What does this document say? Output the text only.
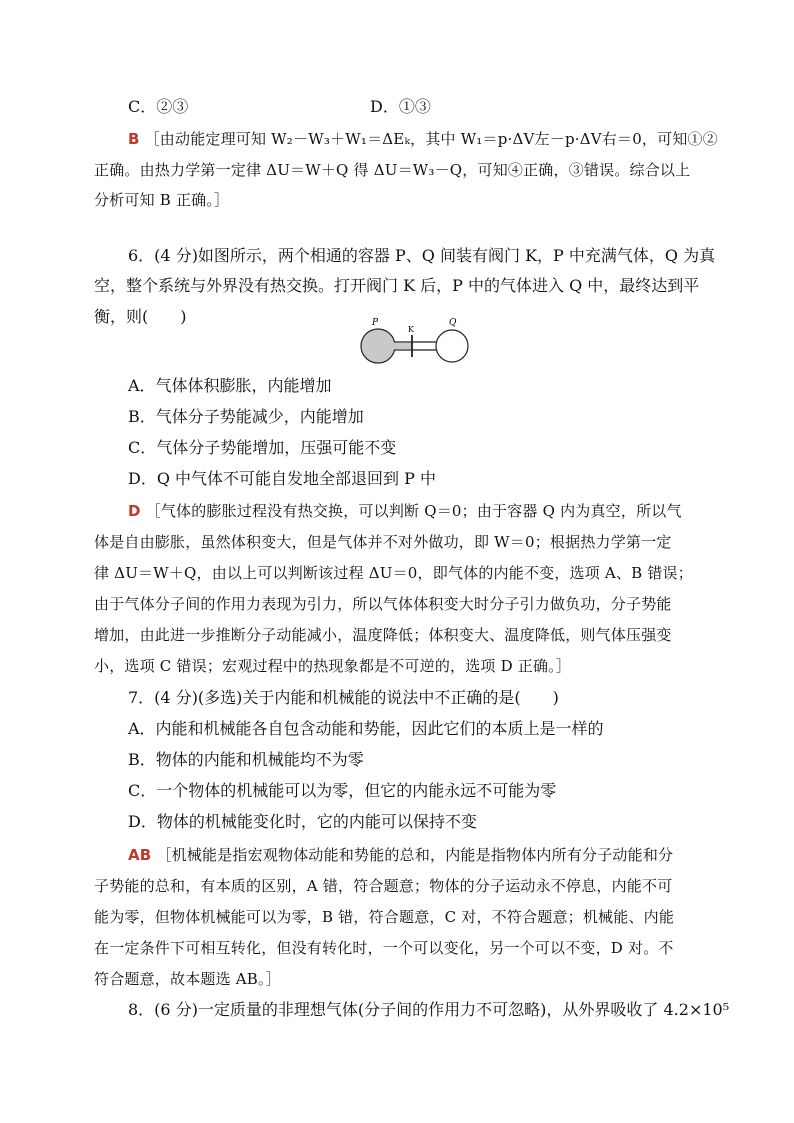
C．②③	D．①③
B ［由动能定理可知 W₂－W₃＋W₁＝ΔEₖ，其中 W₁＝p·ΔV左－p·ΔV右＝0，可知①②
正确。由热力学第一定律 ΔU＝W＋Q 得 ΔU＝W₃－Q，可知④正确，③错误。综合以上
分析可知 B 正确。］
6．(4 分)如图所示，两个相通的容器 P、Q 间装有阀门 K，P 中充满气体，Q 为真
空，整个系统与外界没有热交换。打开阀门 K 后，P 中的气体进入 Q 中，最终达到平
衡，则(　　)	P
K
Q
A．气体体积膨胀，内能增加
B．气体分子势能减少，内能增加
C．气体分子势能增加，压强可能不变
D．Q 中气体不可能自发地全部退回到 P 中
D ［气体的膨胀过程没有热交换，可以判断 Q＝0；由于容器 Q 内为真空，所以气
体是自由膨胀，虽然体积变大，但是气体并不对外做功，即 W＝0；根据热力学第一定
律 ΔU＝W＋Q，由以上可以判断该过程 ΔU＝0，即气体的内能不变，选项 A、B 错误；
由于气体分子间的作用力表现为引力，所以气体体积变大时分子引力做负功，分子势能
增加，由此进一步推断分子动能减小，温度降低；体积变大、温度降低，则气体压强变
小，选项 C 错误；宏观过程中的热现象都是不可逆的，选项 D 正确。］
7．(4 分)(多选)关于内能和机械能的说法中不正确的是(　　)
A．内能和机械能各自包含动能和势能，因此它们的本质上是一样的
B．物体的内能和机械能均不为零
C．一个物体的机械能可以为零，但它的内能永远不可能为零
D．物体的机械能变化时，它的内能可以保持不变
AB ［机械能是指宏观物体动能和势能的总和，内能是指物体内所有分子动能和分
子势能的总和，有本质的区别，A 错，符合题意；物体的分子运动永不停息，内能不可
能为零，但物体机械能可以为零，B 错，符合题意，C 对，不符合题意；机械能、内能
在一定条件下可相互转化，但没有转化时，一个可以变化，另一个可以不变，D 对。不
符合题意，故本题选 AB。］
8．(6 分)一定质量的非理想气体(分子间的作用力不可忽略)，从外界吸收了 4.2×10⁵
